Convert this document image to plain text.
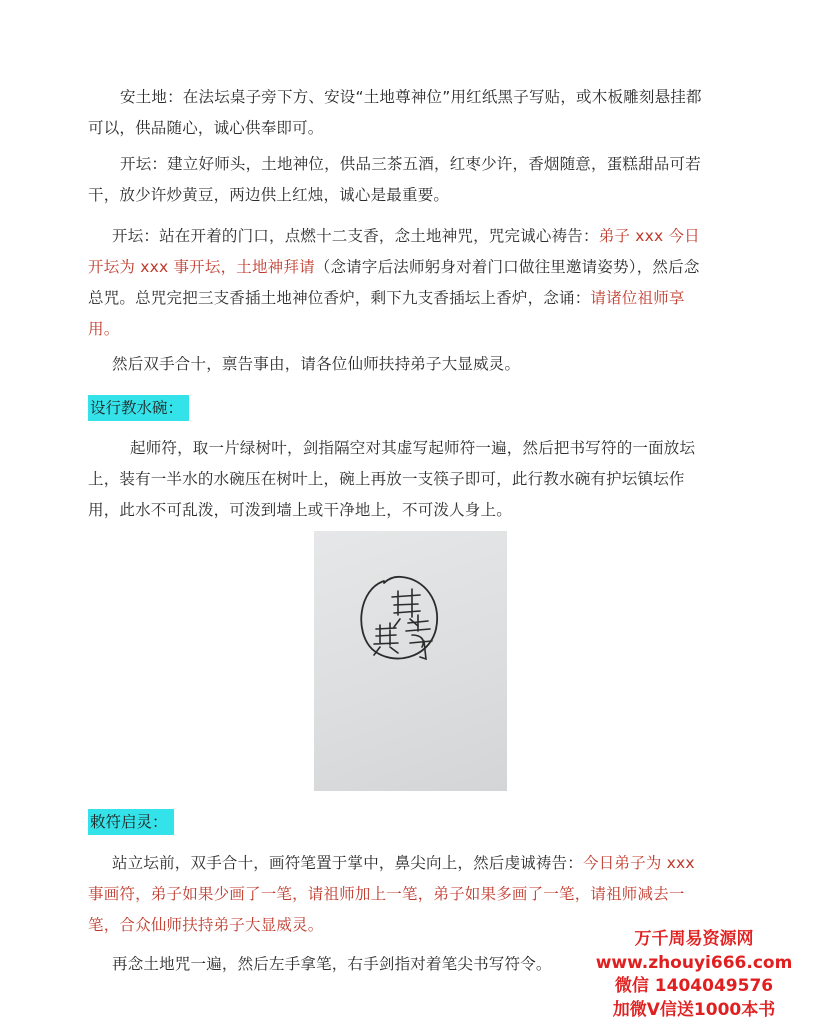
安土地：在法坛桌子旁下方、安设“土地尊神位”用红纸黑子写贴，或木板雕刻悬挂都可以，供品随心，诚心供奉即可。
开坛：建立好师头，土地神位，供品三茶五酒，红枣少许，香烟随意，蛋糕甜品可若干，放少许炒黄豆，两边供上红烛，诚心是最重要。
开坛：站在开着的门口，点燃十二支香，念土地神咒，咒完诚心祷告：弟子 xxx 今日开坛为 xxx 事开坛，土地神拜请（念请字后法师躬身对着门口做往里邀请姿势），然后念总咒。总咒完把三支香插土地神位香炉，剩下九支香插坛上香炉，念诵：请诸位祖师享用。
然后双手合十，禀告事由，请各位仙师扶持弟子大显威灵。
设行教水碗：
起师符，取一片绿树叶，剑指隔空对其虚写起师符一遍，然后把书写符的一面放坛上，装有一半水的水碗压在树叶上，碗上再放一支筷子即可，此行教水碗有护坛镇坛作用，此水不可乱泼，可泼到墙上或干净地上，不可泼人身上。
敕符启灵：
站立坛前，双手合十，画符笔置于掌中，鼻尖向上，然后虔诚祷告：今日弟子为 xxx 事画符，弟子如果少画了一笔，请祖师加上一笔，弟子如果多画了一笔，请祖师减去一笔，合众仙师扶持弟子大显威灵。
再念土地咒一遍，然后左手拿笔，右手剑指对着笔尖书写符令。
万千周易资源网
www.zhouyi666.com
微信 1404049576
加微V信送1000本书
